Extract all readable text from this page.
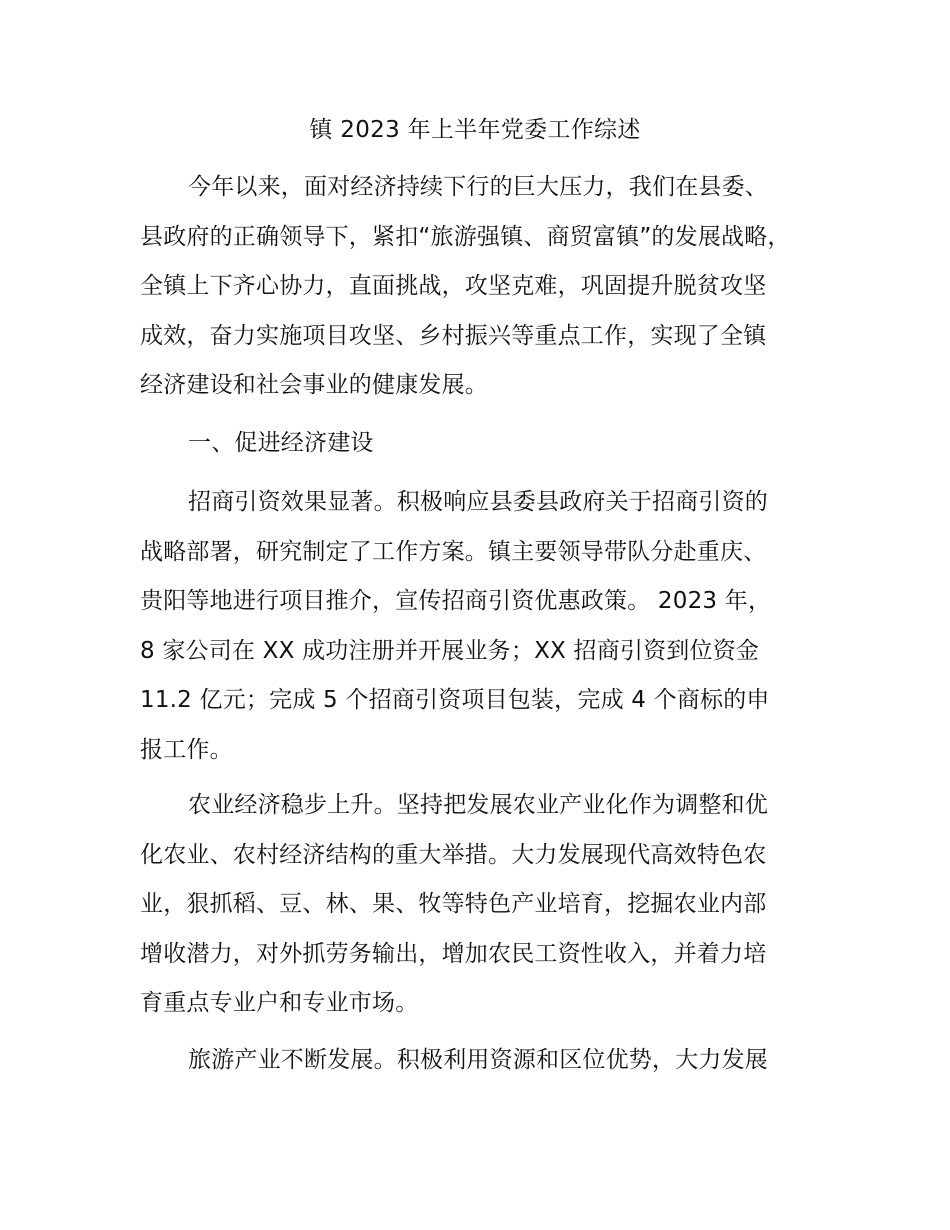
镇 2023 年上半年党委工作综述
今年以来，面对经济持续下行的巨大压力，我们在县委、
县政府的正确领导下，紧扣“旅游强镇、商贸富镇”的发展战略，
全镇上下齐心协力，直面挑战，攻坚克难，巩固提升脱贫攻坚
成效，奋力实施项目攻坚、乡村振兴等重点工作，实现了全镇
经济建设和社会事业的健康发展。
一、促进经济建设
招商引资效果显著。积极响应县委县政府关于招商引资的
战略部署，研究制定了工作方案。镇主要领导带队分赴重庆、
贵阳等地进行项目推介，宣传招商引资优惠政策。 2023 年，
8 家公司在 XX 成功注册并开展业务；XX 招商引资到位资金
11.2 亿元；完成 5 个招商引资项目包装，完成 4 个商标的申
报工作。
农业经济稳步上升。坚持把发展农业产业化作为调整和优
化农业、农村经济结构的重大举措。大力发展现代高效特色农
业，狠抓稻、豆、林、果、牧等特色产业培育，挖掘农业内部
增收潜力，对外抓劳务输出，增加农民工资性收入，并着力培
育重点专业户和专业市场。
旅游产业不断发展。积极利用资源和区位优势，大力发展
